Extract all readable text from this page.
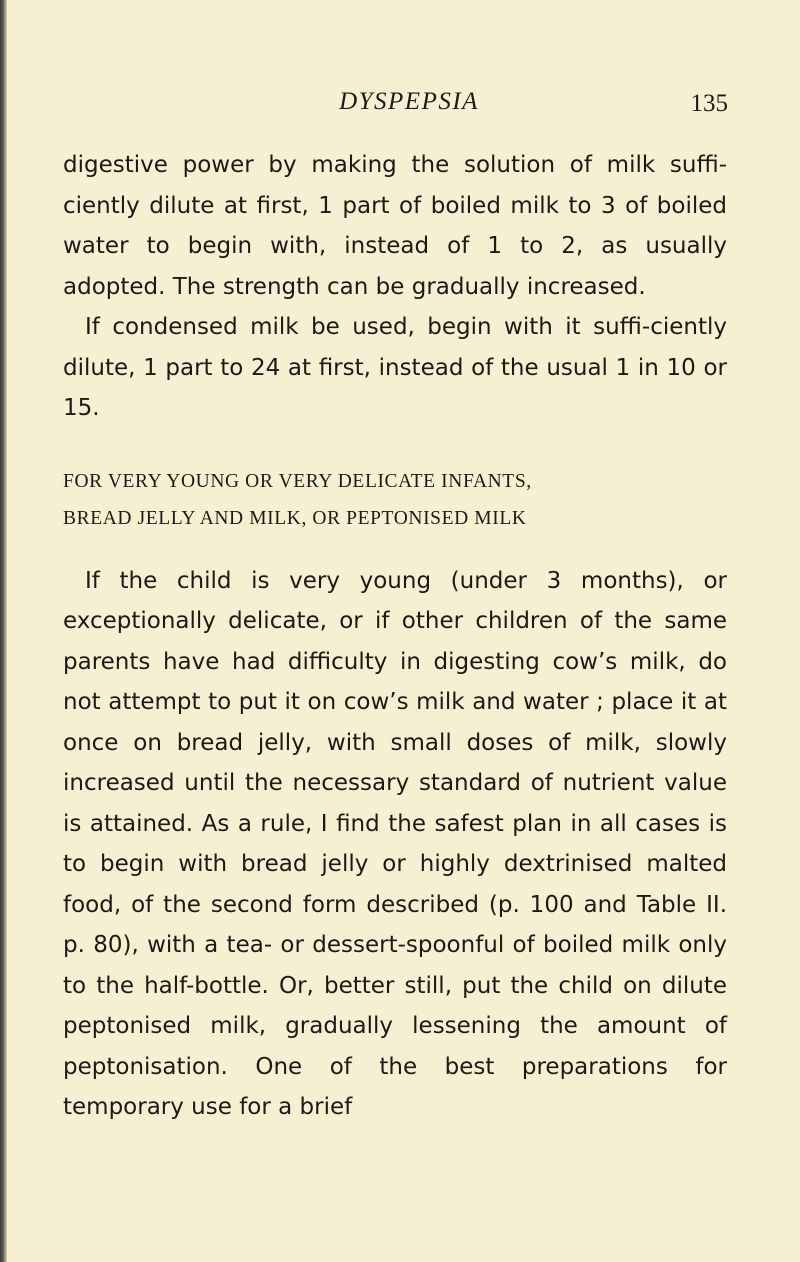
DYSPEPSIA	135

digestive power by making the solution of milk suffi-ciently dilute at first, 1 part of boiled milk to 3 of boiled water to begin with, instead of 1 to 2, as usually adopted. The strength can be gradually increased.

If condensed milk be used, begin with it suffi-ciently dilute, 1 part to 24 at first, instead of the usual 1 in 10 or 15.

FOR VERY YOUNG OR VERY DELICATE INFANTS,
BREAD JELLY AND MILK, OR PEPTONISED MILK

If the child is very young (under 3 months), or exceptionally delicate, or if other children of the same parents have had difficulty in digesting cow’s milk, do not attempt to put it on cow’s milk and water ; place it at once on bread jelly, with small doses of milk, slowly increased until the necessary standard of nutrient value is attained. As a rule, I find the safest plan in all cases is to begin with bread jelly or highly dextrinised malted food, of the second form described (p. 100 and Table II. p. 80), with a tea- or dessert-spoonful of boiled milk only to the half-bottle. Or, better still, put the child on dilute peptonised milk, gradually lessening the amount of peptonisation. One of the best preparations for temporary use for a brief
